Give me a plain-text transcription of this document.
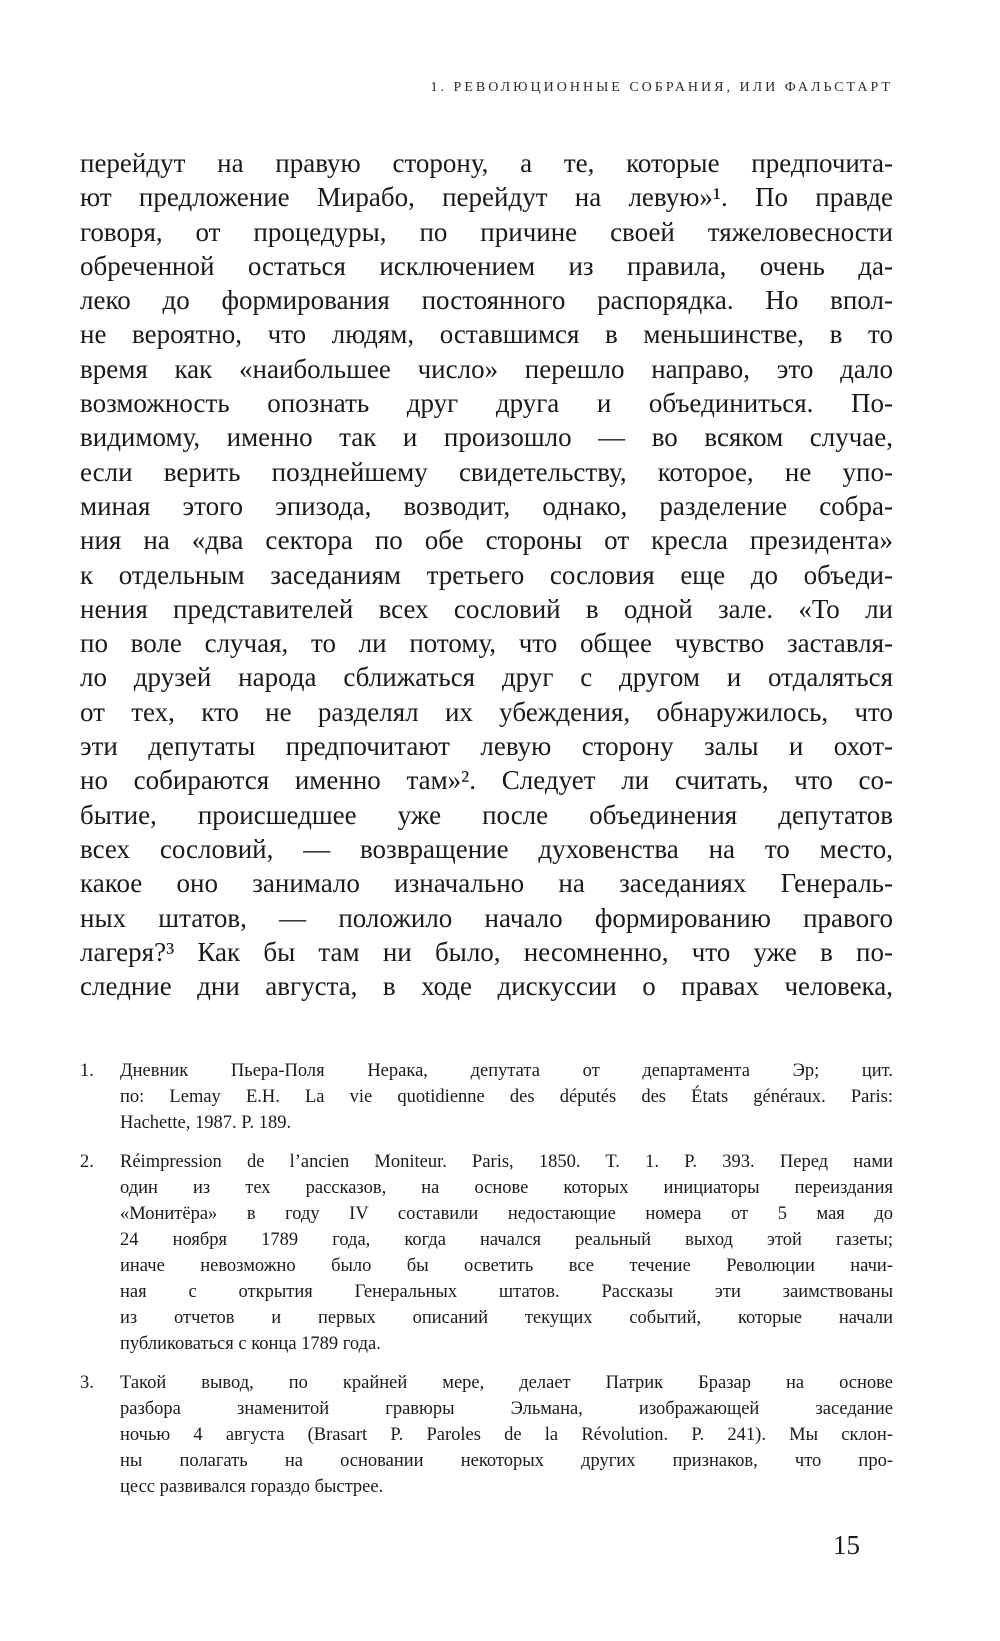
1. РЕВОЛЮЦИОННЫЕ СОБРАНИЯ, ИЛИ ФАЛЬСТАРТ
перейдут на правую сторону, а те, которые предпочита-
ют предложение Мирабо, перейдут на левую»¹. По правде
говоря, от процедуры, по причине своей тяжеловесности
обреченной остаться исключением из правила, очень да-
леко до формирования постоянного распорядка. Но впол-
не вероятно, что людям, оставшимся в меньшинстве, в то
время как «наибольшее число» перешло направо, это дало
возможность опознать друг друга и объединиться. По-
видимому, именно так и произошло — во всяком случае,
если верить позднейшему свидетельству, которое, не упо-
миная этого эпизода, возводит, однако, разделение собра-
ния на «два сектора по обе стороны от кресла президента»
к отдельным заседаниям третьего сословия еще до объеди-
нения представителей всех сословий в одной зале. «То ли
по воле случая, то ли потому, что общее чувство заставля-
ло друзей народа сближаться друг с другом и отдаляться
от тех, кто не разделял их убеждения, обнаружилось, что
эти депутаты предпочитают левую сторону залы и охот-
но собираются именно там»². Следует ли считать, что со-
бытие, происшедшее уже после объединения депутатов
всех сословий, — возвращение духовенства на то место,
какое оно занимало изначально на заседаниях Генераль-
ных штатов, — положило начало формированию правого
лагеря?³ Как бы там ни было, несомненно, что уже в по-
следние дни августа, в ходе дискуссии о правах человека,
1. Дневник Пьера-Поля Нерака, депутата от департамента Эр; цит.
по: Lemay E.H. La vie quotidienne des députés des États généraux. Paris:
Hachette, 1987. P. 189.
2. Réimpression de l’ancien Moniteur. Paris, 1850. T. 1. P. 393. Перед нами
один из тех рассказов, на основе которых инициаторы переиздания
«Монитёра» в году IV составили недостающие номера от 5 мая до
24 ноября 1789 года, когда начался реальный выход этой газеты;
иначе невозможно было бы осветить все течение Революции начи-
ная с открытия Генеральных штатов. Рассказы эти заимствованы
из отчетов и первых описаний текущих событий, которые начали
публиковаться с конца 1789 года.
3. Такой вывод, по крайней мере, делает Патрик Бразар на основе
разбора знаменитой гравюры Эльмана, изображающей заседание
ночью 4 августа (Brasart P. Paroles de la Révolution. P. 241). Мы склон-
ны полагать на основании некоторых других признаков, что про-
цесс развивался гораздо быстрее.
15
